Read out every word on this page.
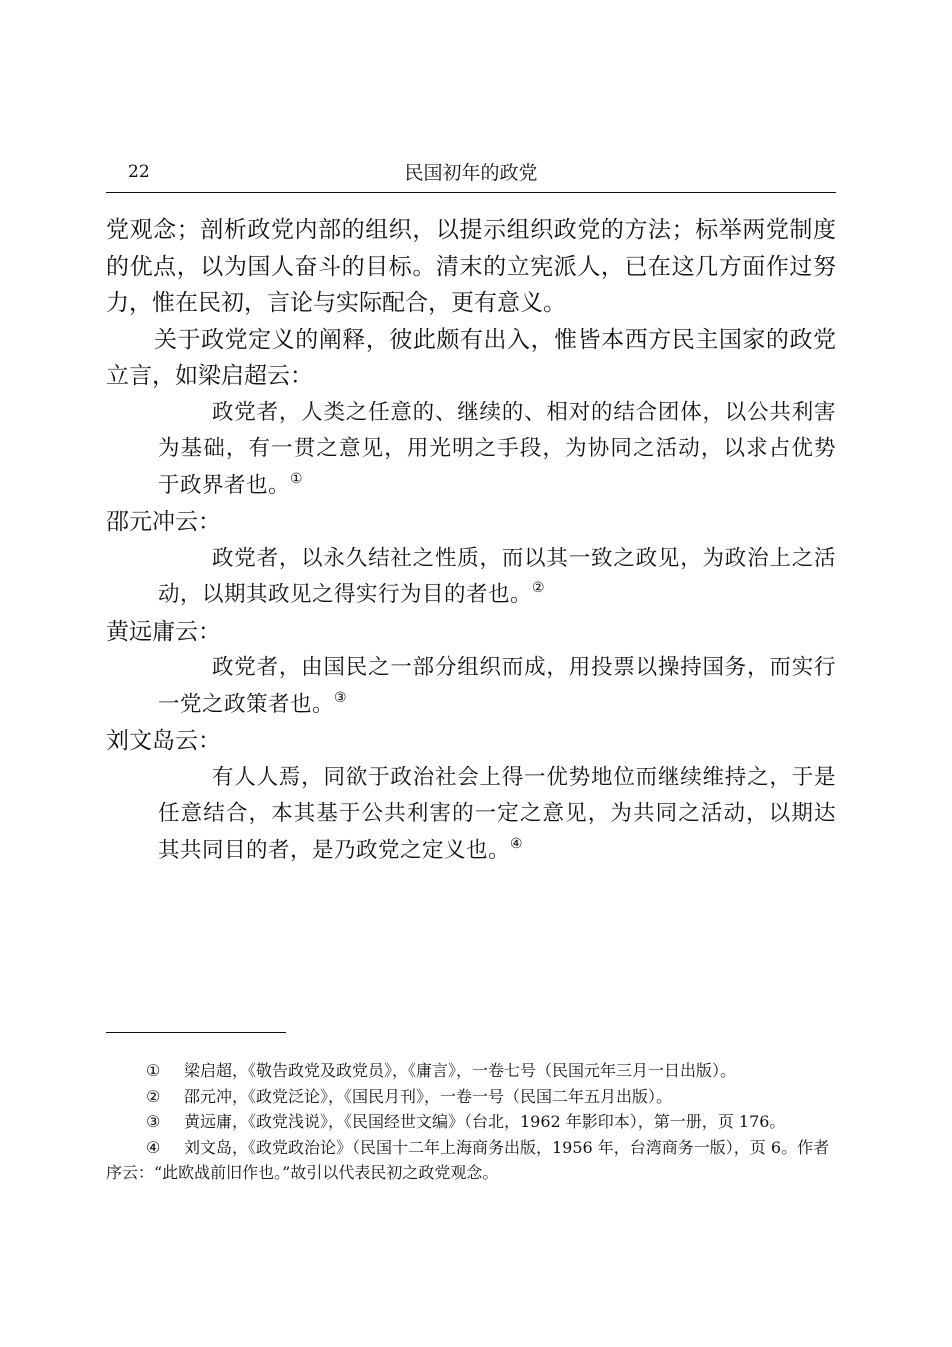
22	民国初年的政党

党观念；剖析政党内部的组织，以提示组织政党的方法；标举两党制度的优点，以为国人奋斗的目标。清末的立宪派人，已在这几方面作过努力，惟在民初，言论与实际配合，更有意义。

关于政党定义的阐释，彼此颇有出入，惟皆本西方民主国家的政党立言，如梁启超云：

政党者，人类之任意的、继续的、相对的结合团体，以公共利害为基础，有一贯之意见，用光明之手段，为协同之活动，以求占优势于政界者也。①

邵元冲云：

政党者，以永久结社之性质，而以其一致之政见，为政治上之活动，以期其政见之得实行为目的者也。②

黄远庸云：

政党者，由国民之一部分组织而成，用投票以操持国务，而实行一党之政策者也。③

刘文岛云：

有人人焉，同欲于政治社会上得一优势地位而继续维持之，于是任意结合，本其基于公共利害的一定之意见，为共同之活动，以期达其共同目的者，是乃政党之定义也。④

①	梁启超，《敬告政党及政党员》，《庸言》，一卷七号（民国元年三月一日出版）。

②	邵元冲，《政党泛论》，《国民月刊》，一卷一号（民国二年五月出版）。

③	黄远庸，《政党浅说》，《民国经世文编》（台北，1962 年影印本），第一册，页 176。

④ 刘文岛，《政党政治论》（民国十二年上海商务出版，1956 年，台湾商务一版），页 6。作者序云：“此欧战前旧作也。”故引以代表民初之政党观念。
